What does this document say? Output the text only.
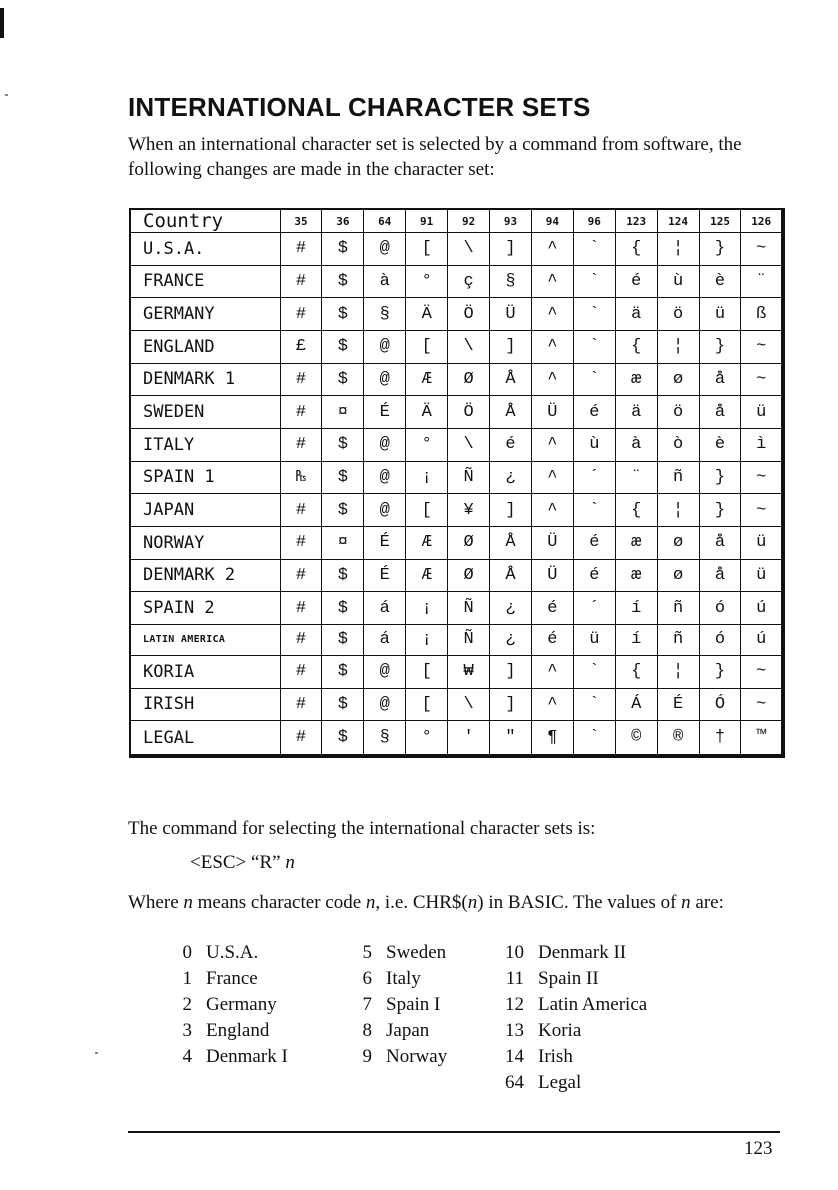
INTERNATIONAL CHARACTER SETS

When an international character set is selected by a command from software, the following changes are made in the character set:

Country	35	36	64	91	92	93	94	96	123	124	125	126
U.S.A.	#	$	@	[	\	]	^	`	{	¦	}	~
FRANCE	#	$	à	°	ç	§	^	`	é	ù	è	¨
GERMANY	#	$	§	Ä	Ö	Ü	^	`	ä	ö	ü	ß
ENGLAND	£	$	@	[	\	]	^	`	{	¦	}	~
DENMARK 1	#	$	@	Æ	Ø	Å	^	`	æ	ø	å	~
SWEDEN	#	¤	É	Ä	Ö	Å	Ü	é	ä	ö	å	ü
ITALY	#	$	@	°	\	é	^	ù	à	ò	è	ì
SPAIN 1	₧	$	@	¡	Ñ	¿	^	´	¨	ñ	}	~
JAPAN	#	$	@	[	¥	]	^	`	{	¦	}	~
NORWAY	#	¤	É	Æ	Ø	Å	Ü	é	æ	ø	å	ü
DENMARK 2	#	$	É	Æ	Ø	Å	Ü	é	æ	ø	å	ü
SPAIN 2	#	$	á	¡	Ñ	¿	é	´	í	ñ	ó	ú
LATIN AMERICA	#	$	á	¡	Ñ	¿	é	ü	í	ñ	ó	ú
KORIA	#	$	@	[	₩	]	^	`	{	¦	}	~
IRISH	#	$	@	[	\	]	^	`	Á	É	Ó	~
LEGAL	#	$	§	°	'	"	¶	`	©	®	†	™

The command for selecting the international character sets is:

<ESC> “R” n

Where n means character code n, i.e. CHR$(n) in BASIC. The values of n are:

0	U.S.A.	5	Sweden	10	Denmark II
1	France	6	Italy	11	Spain II
2	Germany	7	Spain I	12	Latin America
3	England	8	Japan	13	Koria
4	Denmark I	9	Norway	14	Irish
				64	Legal

123
